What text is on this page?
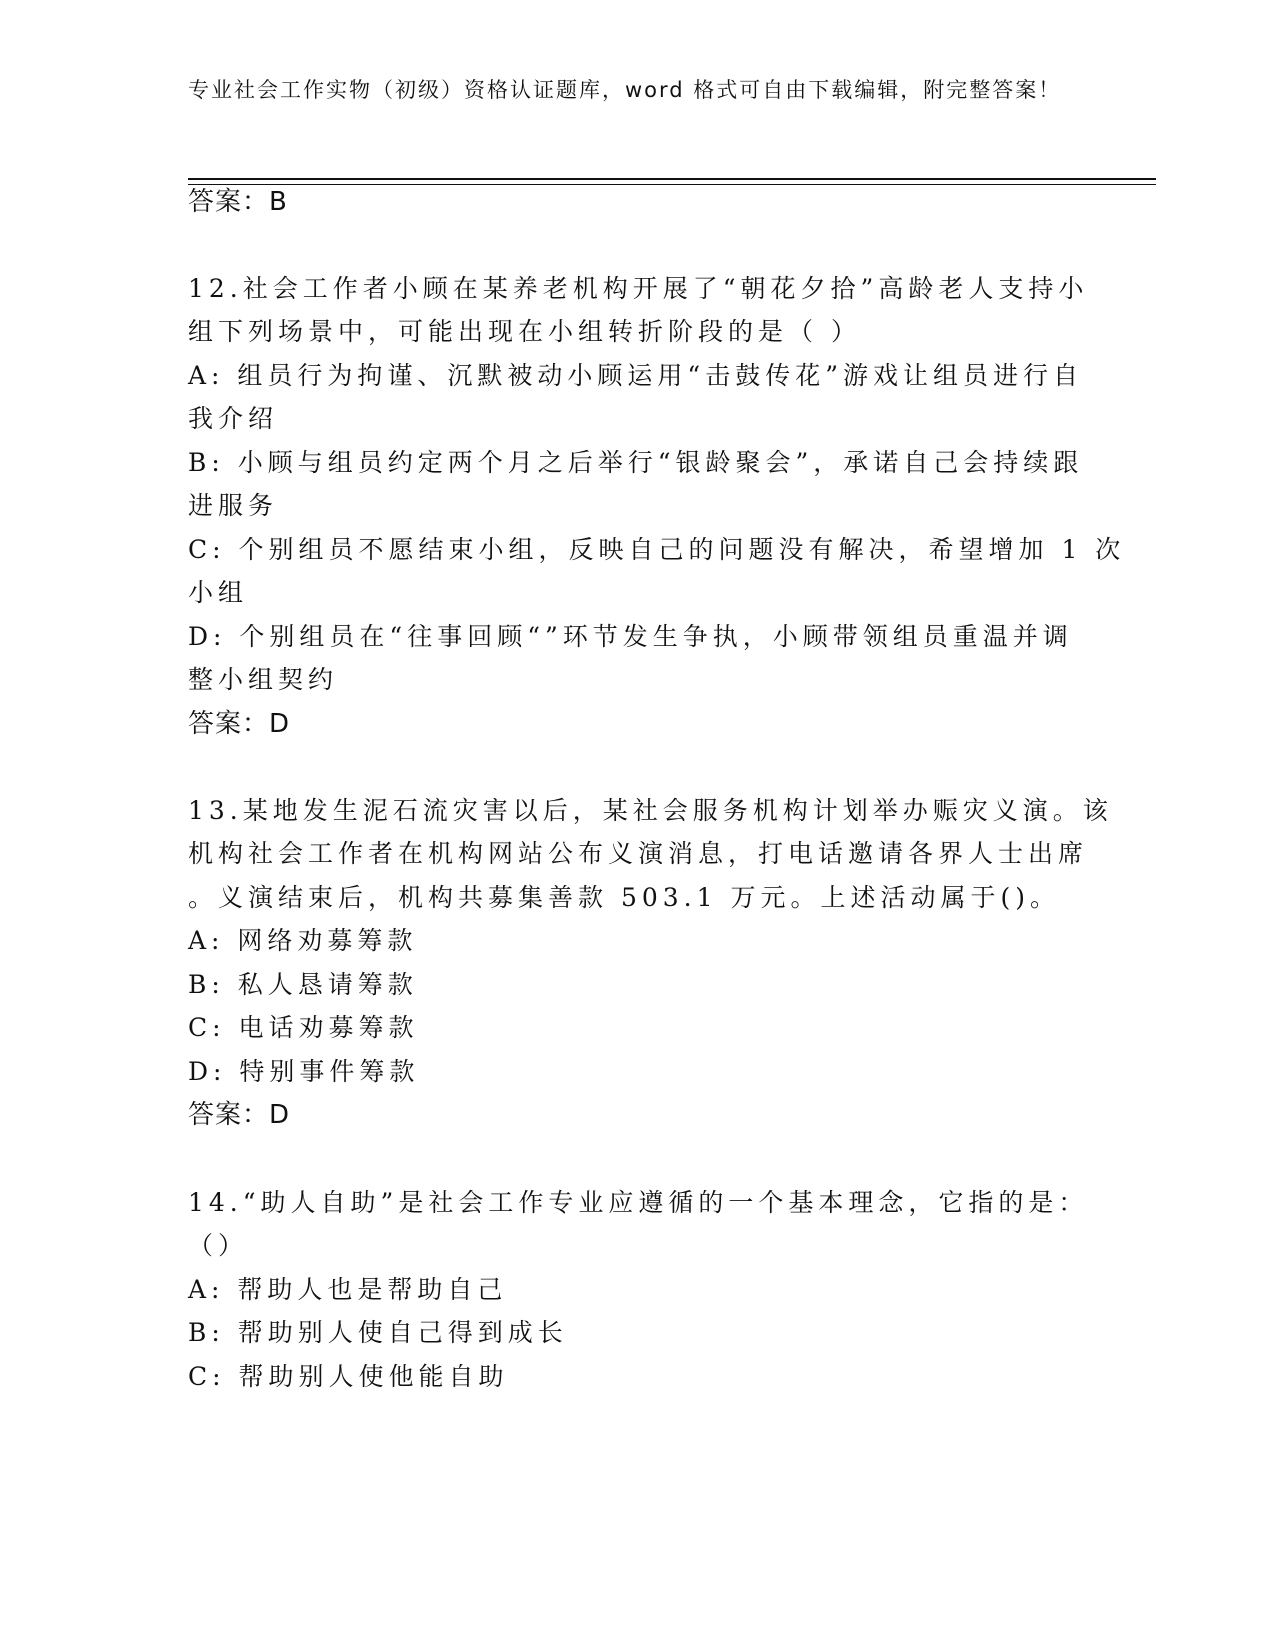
专业社会工作实物（初级）资格认证题库，word 格式可自由下载编辑，附完整答案！
答案：B
12.社会工作者小顾在某养老机构开展了“朝花夕拾”高龄老人支持小
组下列场景中，可能出现在小组转折阶段的是（ ）
A: 组员行为拘谨、沉默被动小顾运用“击鼓传花”游戏让组员进行自
我介绍
B: 小顾与组员约定两个月之后举行“银龄聚会”，承诺自己会持续跟
进服务
C: 个别组员不愿结束小组，反映自己的问题没有解决，希望增加 1 次
小组
D: 个别组员在“往事回顾“”环节发生争执，小顾带领组员重温并调
整小组契约
答案：D
13.某地发生泥石流灾害以后，某社会服务机构计划举办赈灾义演。该
机构社会工作者在机构网站公布义演消息，打电话邀请各界人士出席
。义演结束后，机构共募集善款 503.1 万元。上述活动属于()。
A: 网络劝募筹款
B: 私人恳请筹款
C: 电话劝募筹款
D: 特别事件筹款
答案：D
14.“助人自助”是社会工作专业应遵循的一个基本理念，它指的是：
（）
A: 帮助人也是帮助自己
B: 帮助别人使自己得到成长
C: 帮助别人使他能自助
